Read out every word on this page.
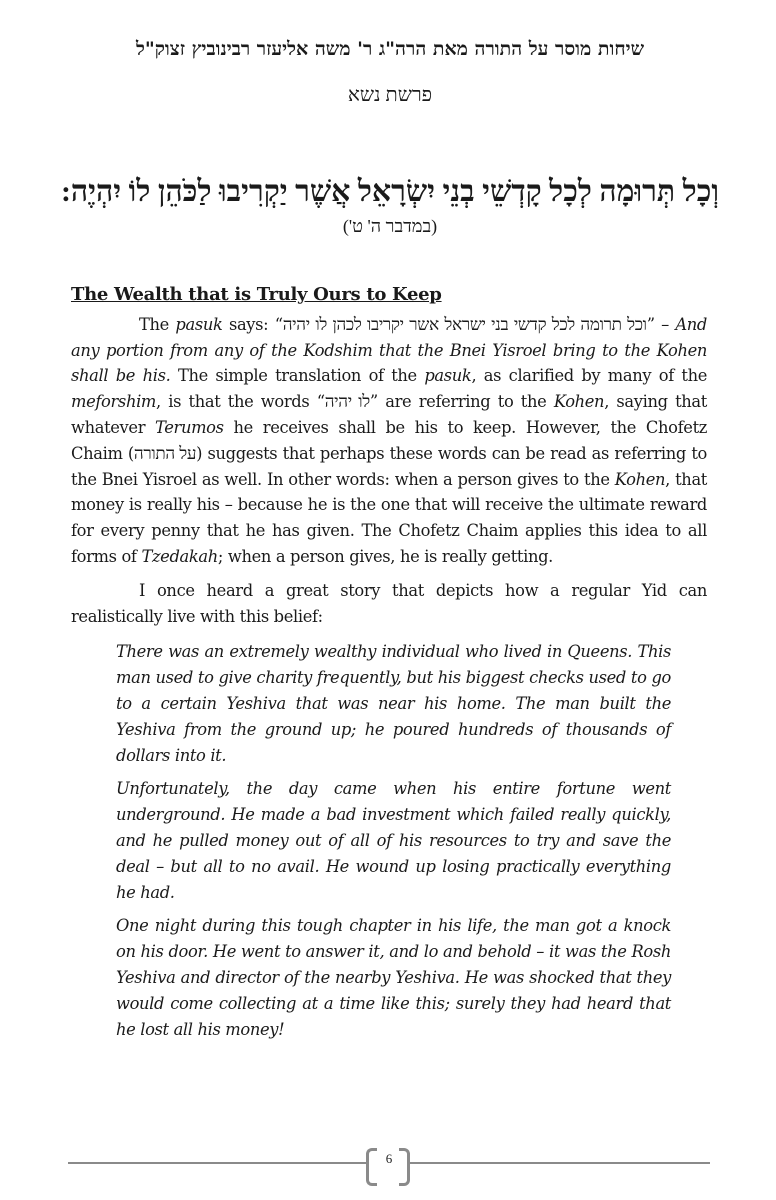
שיחות מוסר על התורה מאת הרה"ג ר' משה אליעזר רבינוביץ זצוק"ל
פרשת נשא
וְכָל תְּרוּמָה לְכָל קָדְשֵׁי בְנֵי יִשְׂרָאֵל אֲשֶׁר יַקְרִיבוּ לַכֹּהֵן לוֹ יִהְיֶה:
(במדבר ה' ט')
The Wealth that is Truly Ours to Keep

The pasuk says: “וכל תרומה לכל קדשי בני ישראל אשר יקריבו לכהן לו יהיה” – And any portion from any of the Kodshim that the Bnei Yisroel bring to the Kohen shall be his. The simple translation of the pasuk, as clarified by many of the meforshim, is that the words “לו יהיה” are referring to the Kohen, saying that whatever Terumos he receives shall be his to keep. However, the Chofetz Chaim (על התורה) suggests that perhaps these words can be read as referring to the Bnei Yisroel as well. In other words: when a person gives to the Kohen, that money is really his – because he is the one that will receive the ultimate reward for every penny that he has given. The Chofetz Chaim applies this idea to all forms of Tzedakah; when a person gives, he is really getting.

I once heard a great story that depicts how a regular Yid can realistically live with this belief:

There was an extremely wealthy individual who lived in Queens. This man used to give charity frequently, but his biggest checks used to go to a certain Yeshiva that was near his home. The man built the Yeshiva from the ground up; he poured hundreds of thousands of dollars into it.

Unfortunately, the day came when his entire fortune went underground. He made a bad investment which failed really quickly, and he pulled money out of all of his resources to try and save the deal – but all to no avail. He wound up losing practically everything he had.

One night during this tough chapter in his life, the man got a knock on his door. He went to answer it, and lo and behold – it was the Rosh Yeshiva and director of the nearby Yeshiva. He was shocked that they would come collecting at a time like this; surely they had heard that he lost all his money!

6
